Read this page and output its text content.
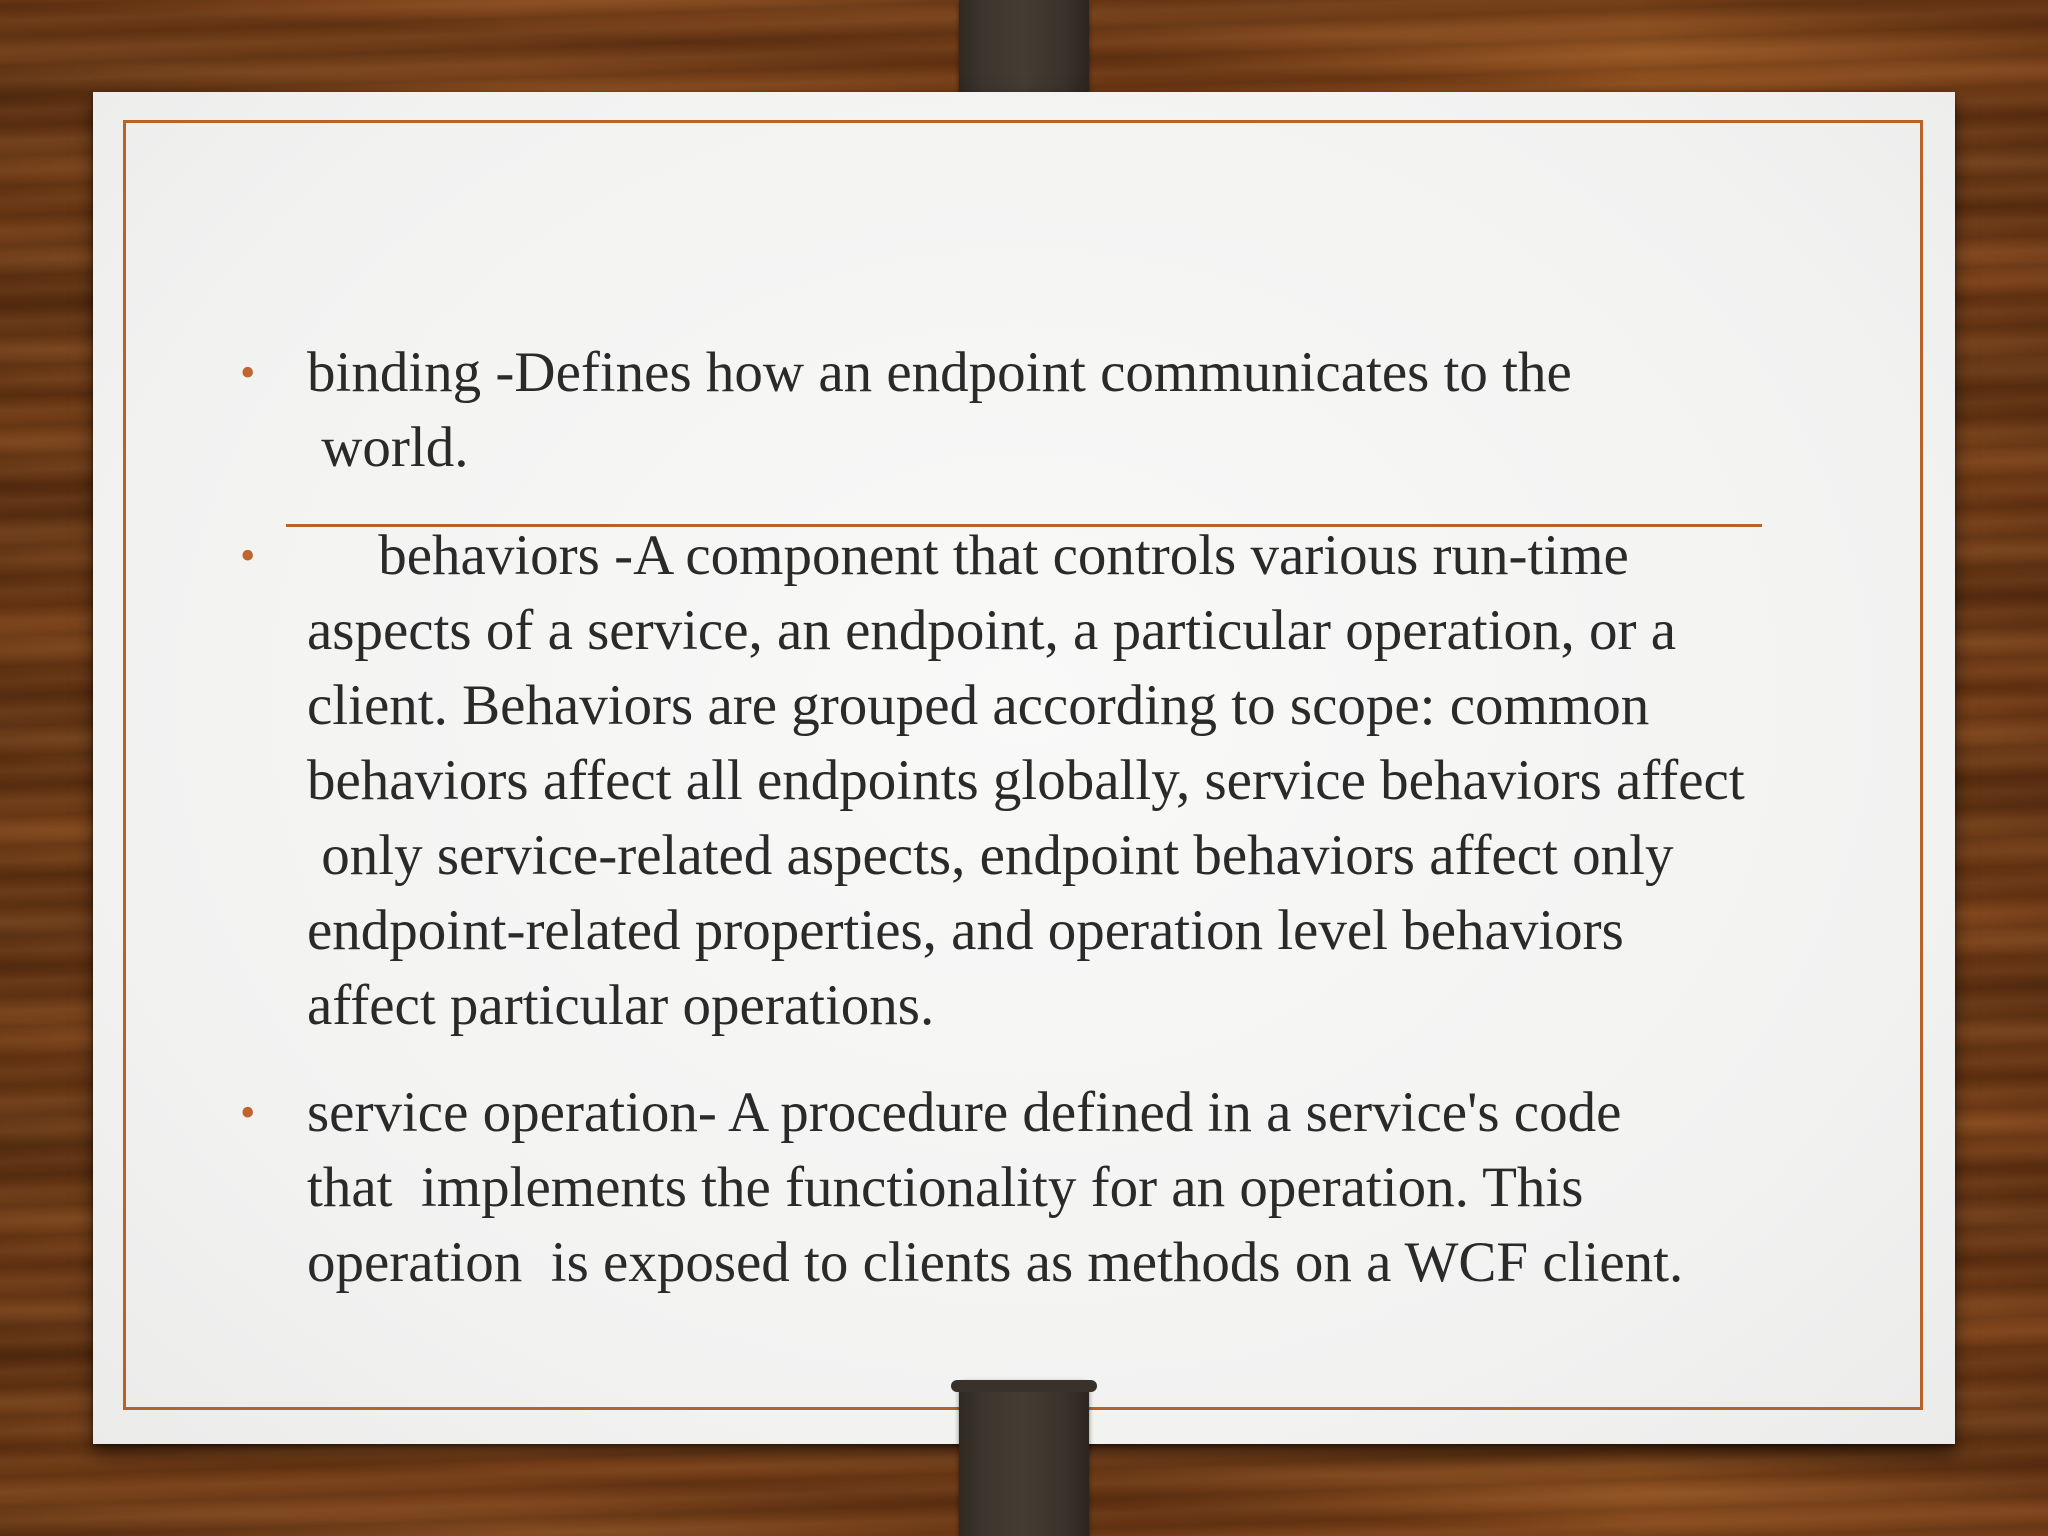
• binding -Defines how an endpoint communicates to the
world.
• behaviors -A component that controls various run-time
aspects of a service, an endpoint, a particular operation, or a
client. Behaviors are grouped according to scope: common
behaviors affect all endpoints globally, service behaviors affect
only service-related aspects, endpoint behaviors affect only
endpoint-related properties, and operation level behaviors
affect particular operations.
• service operation- A procedure defined in a service's code
that  implements the functionality for an operation. This
operation  is exposed to clients as methods on a WCF client.
